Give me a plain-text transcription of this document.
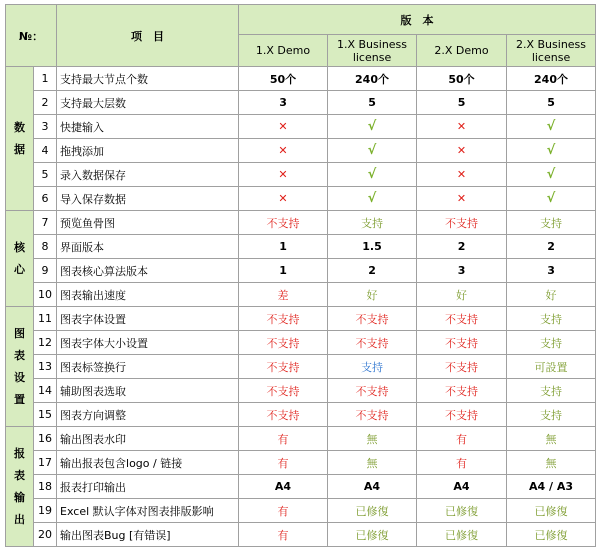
№：		项　目	版　本			
			1.X Demo	1.X Business license	2.X Demo	2.X Business license
数据	1	支持最大节点个数	50个	240个	50个	240个
	2	支持最大层数	3	5	5	5
	3	快捷输入	✕	√	✕	√
	4	拖拽添加	✕	√	✕	√
	5	录入数据保存	✕	√	✕	√
	6	导入保存数据	✕	√	✕	√
核心	7	预览鱼骨图	不支持	支持	不支持	支持
	8	界面版本	1	1.5	2	2
	9	图表核心算法版本	1	2	3	3
	10	图表输出速度	差	好	好	好
图表设置	11	图表字体设置	不支持	不支持	不支持	支持
	12	图表字体大小设置	不支持	不支持	不支持	支持
	13	图表标签换行	不支持	支持	不支持	可設置
	14	辅助图表选取	不支持	不支持	不支持	支持
	15	图表方向调整	不支持	不支持	不支持	支持
报表输出	16	输出图表水印	有	無	有	無
	17	输出报表包含logo / 链接	有	無	有	無
	18	报表打印输出	A4	A4	A4	A4 / A3
	19	Excel 默认字体对图表排版影响	有	已修復	已修復	已修復
	20	输出图表Bug [有错误]	有	已修復	已修復	已修復
